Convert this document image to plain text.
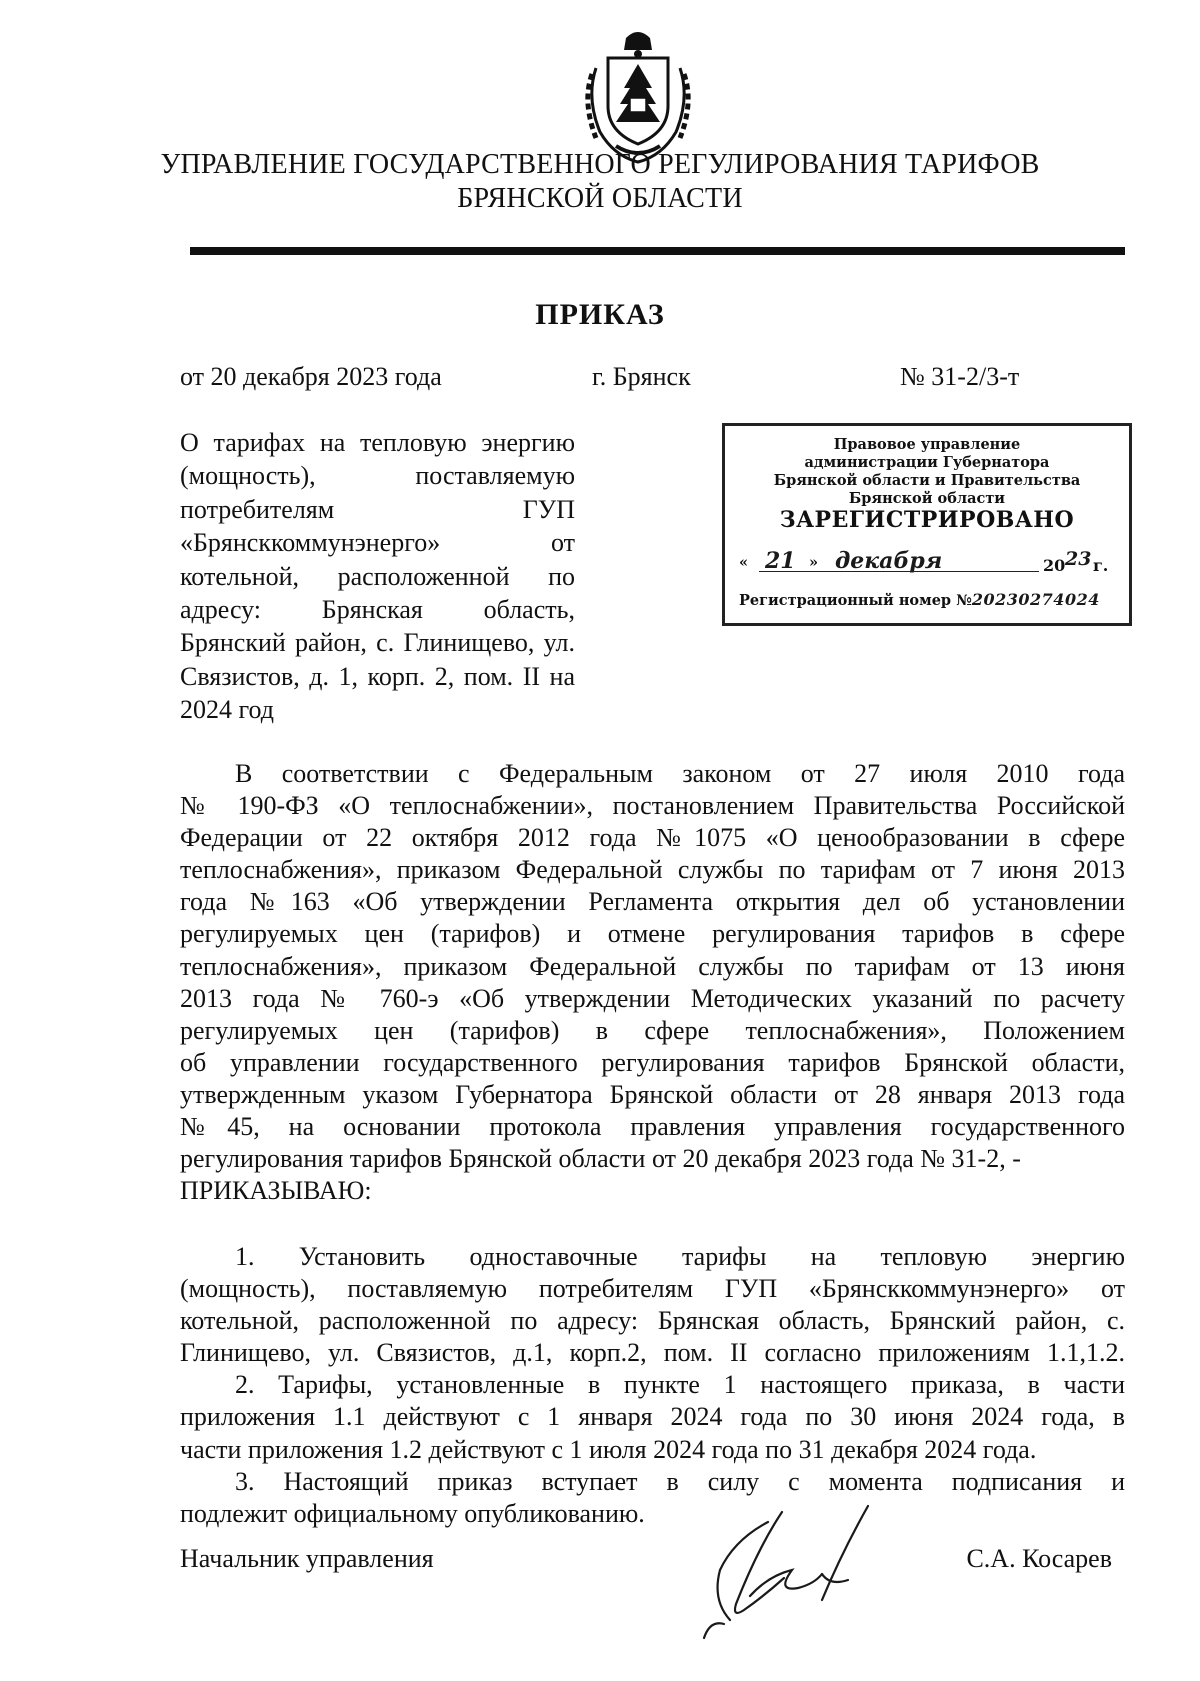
УПРАВЛЕНИЕ ГОСУДАРСТВЕННОГО РЕГУЛИРОВАНИЯ ТАРИФОВ
БРЯНСКОЙ ОБЛАСТИ
ПРИКАЗ
от 20 декабря 2023 года	г. Брянск	№ 31-2/3-т
О тарифах на тепловую энергию (мощность), поставляемую потребителям ГУП «Брянсккоммунэнерго» от котельной, расположенной по адресу: Брянская область, Брянский район, с. Глинищево, ул. Связистов, д. 1, корп. 2, пом. II на 2024 год
Правовое управление
администрации Губернатора
Брянской области и Правительства
Брянской области
ЗАРЕГИСТРИРОВАНО
« 21 » декабря	20 23 г.
Регистрационный номер №20230274024
В соответствии с Федеральным законом от 27 июля 2010 года
№ 190-ФЗ «О теплоснабжении», постановлением Правительства Российской
Федерации от 22 октября 2012 года №1075 «О ценообразовании в сфере
теплоснабжения», приказом Федеральной службы по тарифам от 7 июня 2013
года №163 «Об утверждении Регламента открытия дел об установлении
регулируемых цен (тарифов) и отмене регулирования тарифов в сфере
теплоснабжения», приказом Федеральной службы по тарифам от 13 июня
2013 года № 760-э «Об утверждении Методических указаний по расчету
регулируемых цен (тарифов) в сфере теплоснабжения», Положением
об управлении государственного регулирования тарифов Брянской области,
утвержденным указом Губернатора Брянской области от 28 января 2013 года
№45, на основании протокола правления управления государственного
регулирования тарифов Брянской области от 20 декабря 2023 года № 31-2, -
ПРИКАЗЫВАЮ:
1. Установить одноставочные тарифы на тепловую энергию
(мощность), поставляемую потребителям ГУП «Брянсккоммунэнерго» от
котельной, расположенной по адресу: Брянская область, Брянский район, с.
Глинищево, ул. Связистов, д.1, корп.2, пом. II согласно приложениям 1.1,1.2.
2. Тарифы, установленные в пункте 1 настоящего приказа, в части
приложения 1.1 действуют с 1 января 2024 года по 30 июня 2024 года, в
части приложения 1.2 действуют с 1 июля 2024 года по 31 декабря 2024 года.
3. Настоящий приказ вступает в силу с момента подписания и
подлежит официальному опубликованию.
Начальник управления	С.А. Косарев
